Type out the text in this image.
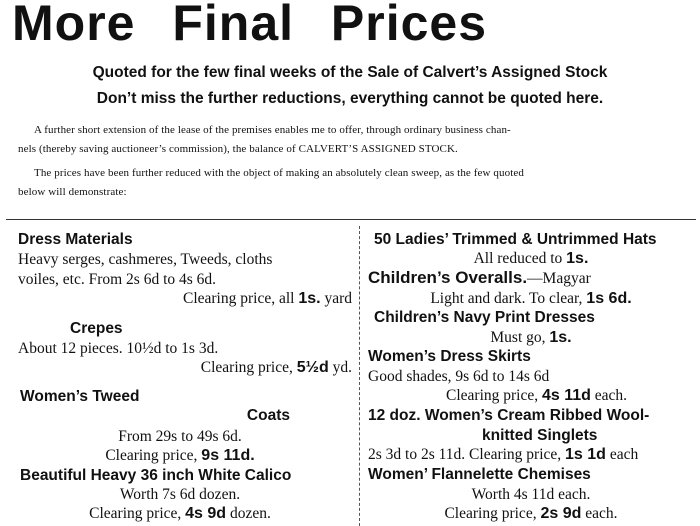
More Final Prices
Quoted for the few final weeks of the Sale of Calvert’s Assigned Stock
Don’t miss the further reductions, everything cannot be quoted here.
A further short extension of the lease of the premises enables me to offer, through ordinary business chan-
nels (thereby saving auctioneer’s commission), the balance of CALVERT’S ASSIGNED STOCK.
The prices have been further reduced with the object of making an absolutely clean sweep, as the few quoted
below will demonstrate:
Dress Materials
Heavy serges, cashmeres, Tweeds, cloths
voiles, etc. From 2s 6d to 4s 6d.
Clearing price, all 1s. yard
Crepes
About 12 pieces. 10½d to 1s 3d.
Clearing price, 5½d yd.
Women’s Tweed
Coats
From 29s to 49s 6d.
Clearing price, 9s 11d.
Beautiful Heavy 36 inch White Calico
Worth 7s 6d dozen.
Clearing price, 4s 9d dozen.
50 Ladies’ Trimmed & Untrimmed Hats
All reduced to 1s.
Children’s Overalls.—Magyar
Light and dark. To clear, 1s 6d.
Children’s Navy Print Dresses
Must go, 1s.
Women’s Dress Skirts
Good shades, 9s 6d to 14s 6d
Clearing price, 4s 11d each.
12 doz. Women’s Cream Ribbed Wool-
knitted Singlets
2s 3d to 2s 11d. Clearing price, 1s 1d each
Women’ Flannelette Chemises
Worth 4s 11d each.
Clearing price, 2s 9d each.
